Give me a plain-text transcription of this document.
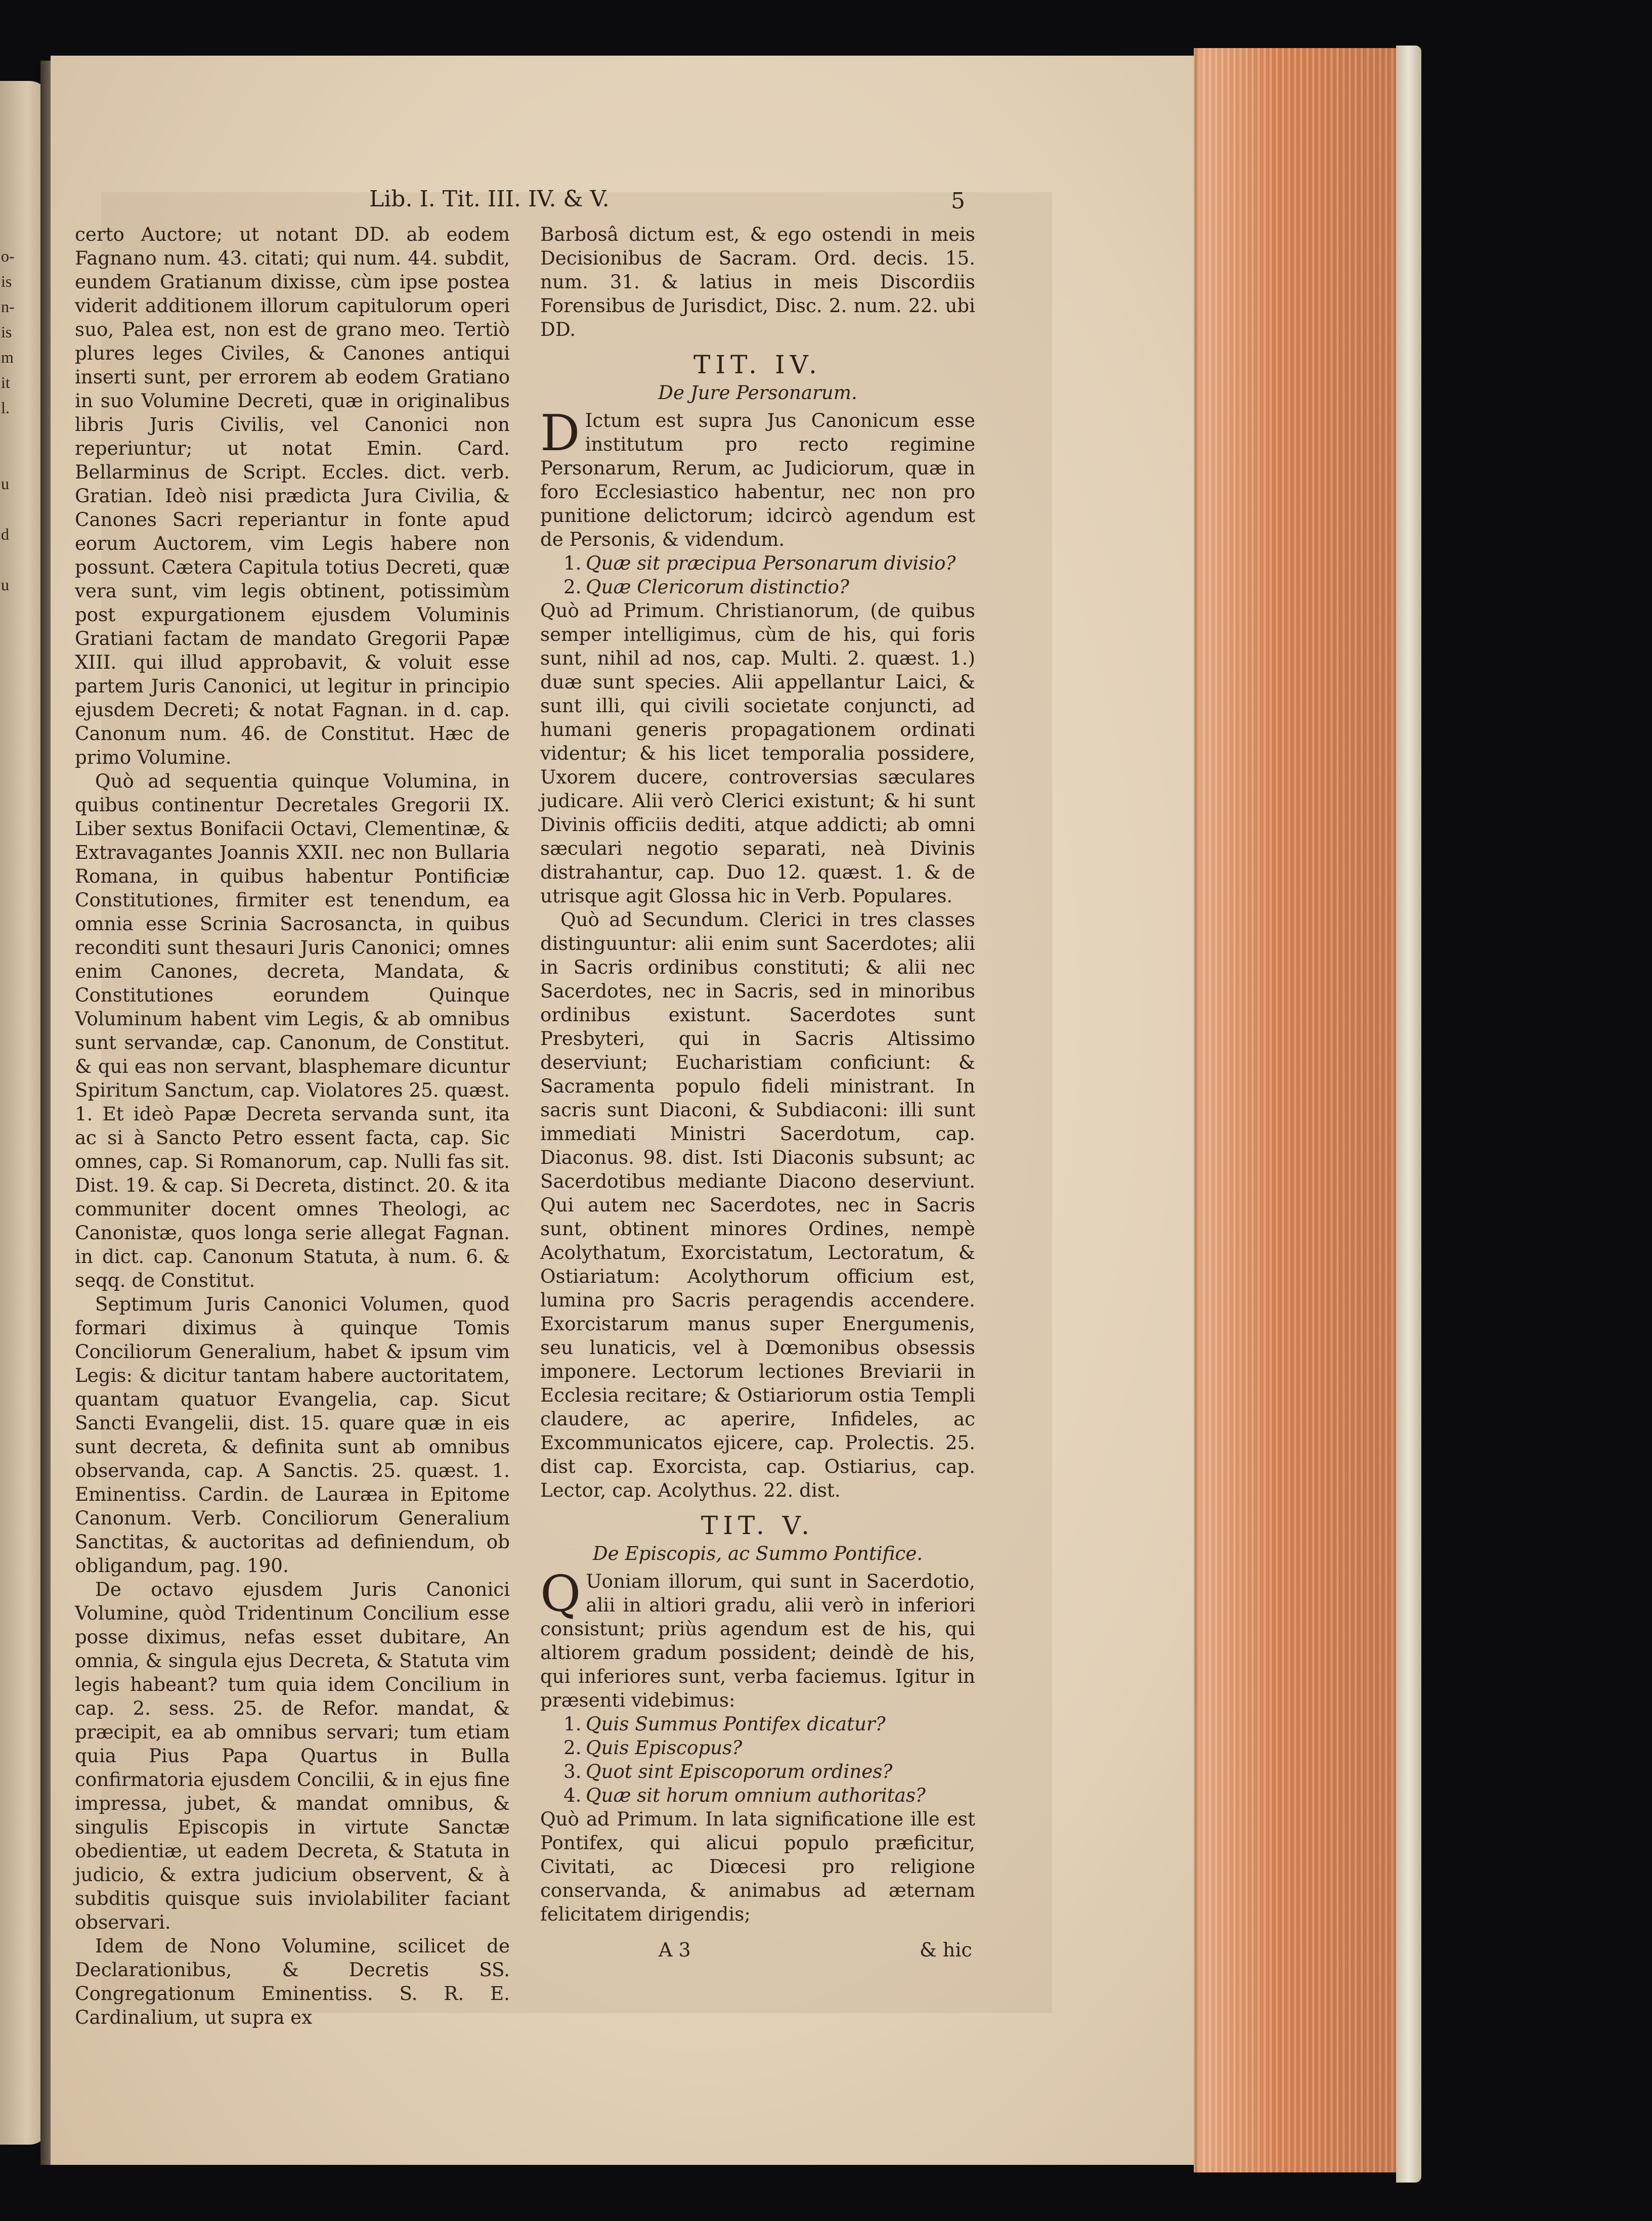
o-
is
n-
is
m
it
l.
u
d
u
Lib. I. Tit. III. IV. & V.	5

certo Auctore; ut notant DD. ab eodem Fagnano num. 43. citati; qui num. 44. subdit, eundem Gratianum dixisse, cùm ipse postea viderit additionem illorum capitulorum operi suo, Palea est, non est de grano meo. Tertiò plures leges Civiles, & Canones antiqui inserti sunt, per errorem ab eodem Gratiano in suo Volumine Decreti, quæ in originalibus libris Juris Civilis, vel Canonici non reperiuntur; ut notat Emin. Card. Bellarminus de Script. Eccles. dict. verb. Gratian. Ideò nisi prædicta Jura Civilia, & Canones Sacri reperiantur in fonte apud eorum Auctorem, vim Legis habere non possunt. Cætera Capitula totius Decreti, quæ vera sunt, vim legis obtinent, potissimùm post expurgationem ejusdem Voluminis Gratiani factam de mandato Gregorii Papæ XIII. qui illud approbavit, & voluit esse partem Juris Canonici, ut legitur in principio ejusdem Decreti; & notat Fagnan. in d. cap. Canonum num. 46. de Constitut. Hæc de primo Volumine.

Quò ad sequentia quinque Volumina, in quibus continentur Decretales Gregorii IX. Liber sextus Bonifacii Octavi, Clementinæ, & Extravagantes Joannis XXII. nec non Bullaria Romana, in quibus habentur Pontificiæ Constitutiones, firmiter est tenendum, ea omnia esse Scrinia Sacrosancta, in quibus reconditi sunt thesauri Juris Canonici; omnes enim Canones, decreta, Mandata, & Constitutiones eorundem Quinque Voluminum habent vim Legis, & ab omnibus sunt servandæ, cap. Canonum, de Constitut. & qui eas non servant, blasphemare dicuntur Spiritum Sanctum, cap. Violatores 25. quæst. 1. Et ideò Papæ Decreta servanda sunt, ita ac si à Sancto Petro essent facta, cap. Sic omnes, cap. Si Romanorum, cap. Nulli fas sit. Dist. 19. & cap. Si Decreta, distinct. 20. & ita communiter docent omnes Theologi, ac Canonistæ, quos longa serie allegat Fagnan. in dict. cap. Canonum Statuta, à num. 6. & seqq. de Constitut.

Septimum Juris Canonici Volumen, quod formari diximus à quinque Tomis Conciliorum Generalium, habet & ipsum vim Legis: & dicitur tantam habere auctoritatem, quantam quatuor Evangelia, cap. Sicut Sancti Evangelii, dist. 15. quare quæ in eis sunt decreta, & definita sunt ab omnibus observanda, cap. A Sanctis. 25. quæst. 1. Eminentiss. Cardin. de Lauræa in Epitome Canonum. Verb. Conciliorum Generalium Sanctitas, & auctoritas ad definiendum, ob obligandum, pag. 190.

De octavo ejusdem Juris Canonici Volumine, quòd Tridentinum Concilium esse posse diximus, nefas esset dubitare, An omnia, & singula ejus Decreta, & Statuta vim legis habeant? tum quia idem Concilium in cap. 2. sess. 25. de Refor. mandat, & præcipit, ea ab omnibus servari; tum etiam quia Pius Papa Quartus in Bulla confirmatoria ejusdem Concilii, & in ejus fine impressa, jubet, & mandat omnibus, & singulis Episcopis in virtute Sanctæ obedientiæ, ut eadem Decreta, & Statuta in judicio, & extra judicium observent, & à subditis quisque suis inviolabiliter faciant observari.

Idem de Nono Volumine, scilicet de Declarationibus, & Decretis SS. Congregationum Eminentiss. S. R. E. Cardinalium, ut supra ex

Barbosâ dictum est, & ego ostendi in meis Decisionibus de Sacram. Ord. decis. 15. num. 31. & latius in meis Discordiis Forensibus de Jurisdict, Disc. 2. num. 22. ubi DD.

TIT. IV.
De Jure Personarum.

D Ictum est supra Jus Canonicum esse institutum pro recto regimine Personarum, Rerum, ac Judiciorum, quæ in foro Ecclesiastico habentur, nec non pro punitione delictorum; idcircò agendum est de Personis, & videndum.

1. Quæ sit præcipua Personarum divisio?
2. Quæ Clericorum distinctio?

Quò ad Primum. Christianorum, (de quibus semper intelligimus, cùm de his, qui foris sunt, nihil ad nos, cap. Multi. 2. quæst. 1.) duæ sunt species. Alii appellantur Laici, & sunt illi, qui civili societate conjuncti, ad humani generis propagationem ordinati videntur; & his licet temporalia possidere, Uxorem ducere, controversias sæculares judicare. Alii verò Clerici existunt; & hi sunt Divinis officiis dediti, atque addicti; ab omni sæculari negotio separati, neà Divinis distrahantur, cap. Duo 12. quæst. 1. & de utrisque agit Glossa hic in Verb. Populares.

Quò ad Secundum. Clerici in tres classes distinguuntur: alii enim sunt Sacerdotes; alii in Sacris ordinibus constituti; & alii nec Sacerdotes, nec in Sacris, sed in minoribus ordinibus existunt. Sacerdotes sunt Presbyteri, qui in Sacris Altissimo deserviunt; Eucharistiam conficiunt: & Sacramenta populo fideli ministrant. In sacris sunt Diaconi, & Subdiaconi: illi sunt immediati Ministri Sacerdotum, cap. Diaconus. 98. dist. Isti Diaconis subsunt; ac Sacerdotibus mediante Diacono deserviunt. Qui autem nec Sacerdotes, nec in Sacris sunt, obtinent minores Ordines, nempè Acolythatum, Exorcistatum, Lectoratum, & Ostiariatum: Acolythorum officium est, lumina pro Sacris peragendis accendere. Exorcistarum manus super Energumenis, seu lunaticis, vel à Dœmonibus obsessis imponere. Lectorum lectiones Breviarii in Ecclesia recitare; & Ostiariorum ostia Templi claudere, ac aperire, Infideles, ac Excommunicatos ejicere, cap. Prolectis. 25. dist cap. Exorcista, cap. Ostiarius, cap. Lector, cap. Acolythus. 22. dist.

TIT. V.
De Episcopis, ac Summo Pontifice.

Q Uoniam illorum, qui sunt in Sacerdotio, alii in altiori gradu, alii verò in inferiori consistunt; priùs agendum est de his, qui altiorem gradum possident; deindè de his, qui inferiores sunt, verba faciemus. Igitur in præsenti videbimus:

1. Quis Summus Pontifex dicatur?
2. Quis Episcopus?
3. Quot sint Episcoporum ordines?
4. Quæ sit horum omnium authoritas?

Quò ad Primum. In lata significatione ille est Pontifex, qui alicui populo præficitur, Civitati, ac Diœcesi pro religione conservanda, & animabus ad æternam felicitatem dirigendis;

A 3	& hic
